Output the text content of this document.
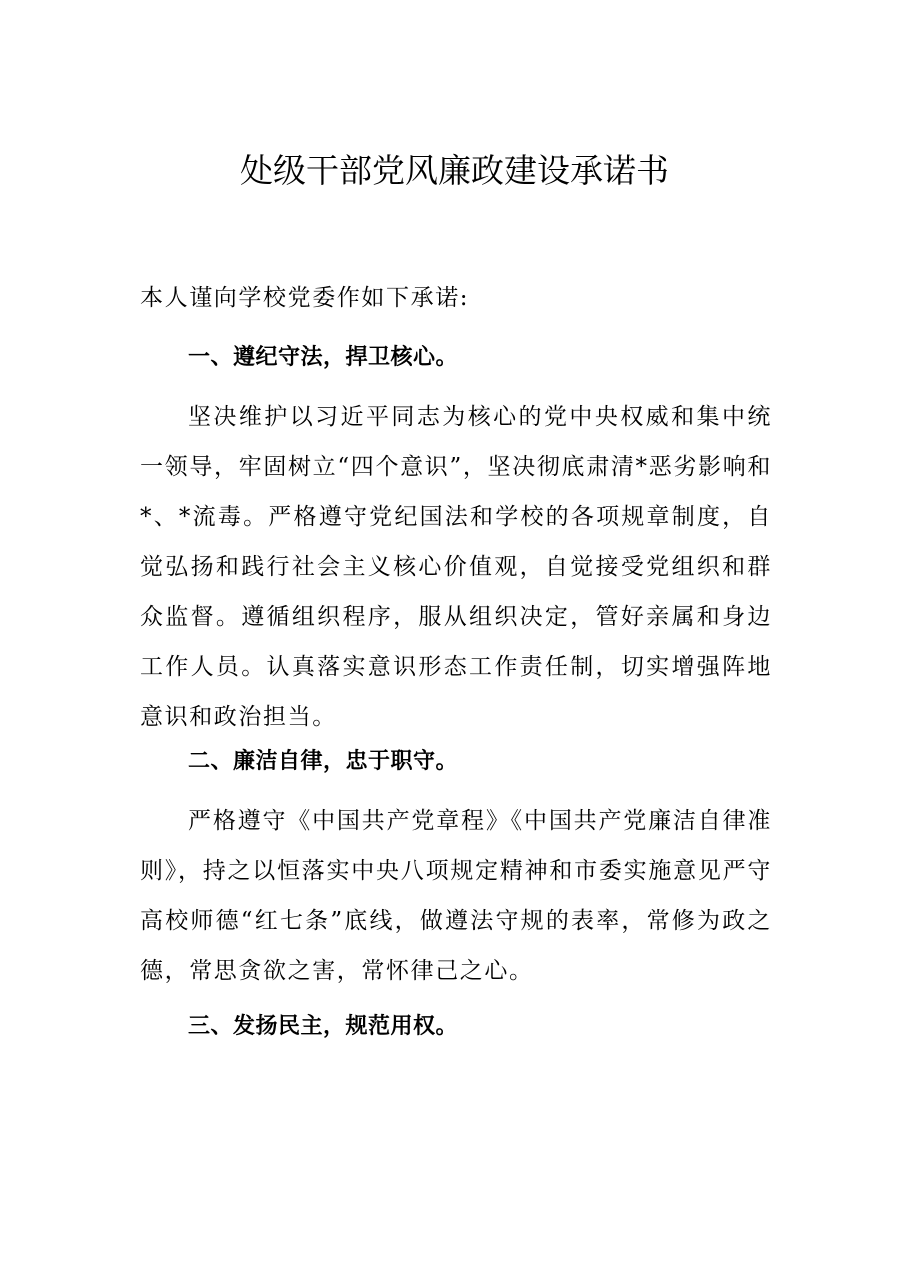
处级干部党风廉政建设承诺书

本人谨向学校党委作如下承诺:

一、遵纪守法，捍卫核心。

坚决维护以习近平同志为核心的党中央权威和集中统一领导，牢固树立“四个意识”，坚决彻底肃清*恶劣影响和*、*流毒。严格遵守党纪国法和学校的各项规章制度，自觉弘扬和践行社会主义核心价值观，自觉接受党组织和群众监督。遵循组织程序，服从组织决定，管好亲属和身边工作人员。认真落实意识形态工作责任制，切实增强阵地意识和政治担当。

二、廉洁自律，忠于职守。

严格遵守《中国共产党章程》《中国共产党廉洁自律准则》，持之以恒落实中央八项规定精神和市委实施意见严守高校师德“红七条”底线，做遵法守规的表率，常修为政之德，常思贪欲之害，常怀律己之心。

三、发扬民主，规范用权。
